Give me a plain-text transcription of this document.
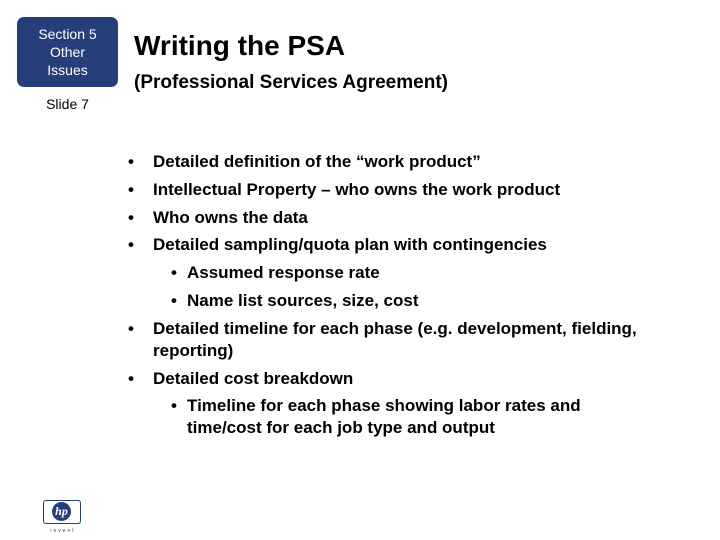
Section 5
Other
Issues
Slide 7
Writing the PSA
(Professional Services Agreement)
• Detailed definition of the “work product”
• Intellectual Property – who owns the work product
• Who owns the data
• Detailed sampling/quota plan with contingencies
• Assumed response rate
• Name list sources, size, cost
• Detailed timeline for each phase (e.g. development, fielding, reporting)
• Detailed cost breakdown
• Timeline for each phase showing labor rates and time/cost for each job type and output
hp
invent
